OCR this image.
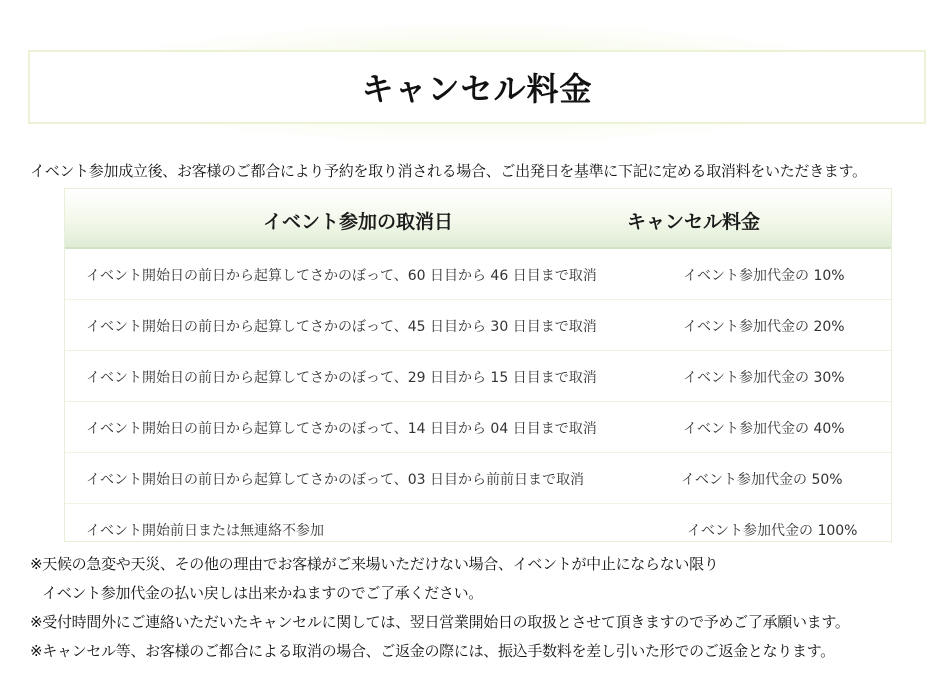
キャンセル料金
イベント参加成立後、お客様のご都合により予約を取り消される場合、ご出発日を基準に下記に定める取消料をいただきます。
イベント参加の取消日	キャンセル料金
イベント開始日の前日から起算してさかのぼって、60 日目から 46 日目まで取消	イベント参加代金の 10%
イベント開始日の前日から起算してさかのぼって、45 日目から 30 日目まで取消	イベント参加代金の 20%
イベント開始日の前日から起算してさかのぼって、29 日目から 15 日目まで取消	イベント参加代金の 30%
イベント開始日の前日から起算してさかのぼって、14 日目から 04 日目まで取消	イベント参加代金の 40%
イベント開始日の前日から起算してさかのぼって、03 日目から前前日まで取消	イベント参加代金の 50%
イベント開始前日または無連絡不参加	イベント参加代金の 100%
※天候の急変や天災、その他の理由でお客様がご来場いただけない場合、イベントが中止にならない限り
イベント参加代金の払い戻しは出来かねますのでご了承ください。
※受付時間外にご連絡いただいたキャンセルに関しては、翌日営業開始日の取扱とさせて頂きますので予めご了承願います。
※キャンセル等、お客様のご都合による取消の場合、ご返金の際には、振込手数料を差し引いた形でのご返金となります。
